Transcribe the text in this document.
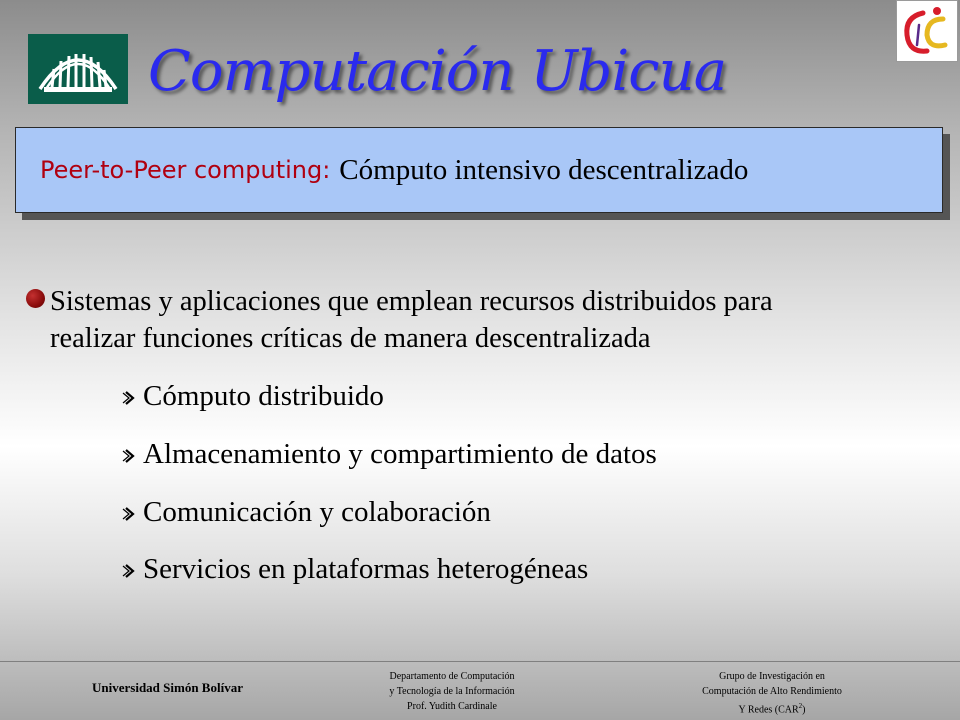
Computación Ubicua
Peer-to-Peer computing: Cómputo intensivo descentralizado

Sistemas y aplicaciones que emplean recursos distribuidos para
realizar funciones críticas de manera descentralizada

Cómputo distribuido
Almacenamiento y compartimiento de datos
Comunicación y colaboración
Servicios en plataformas heterogéneas
Universidad Simón Bolívar
Departamento de Computación
y Tecnología de la Información
Prof. Yudith Cardinale
Grupo de Investigación en
Computación de Alto Rendimiento
Y Redes (CAR$^2$)
